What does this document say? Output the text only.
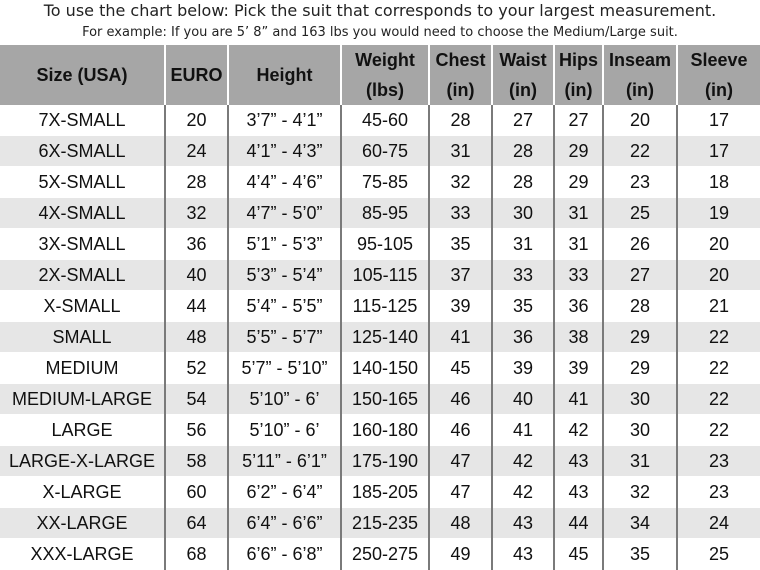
To use the chart below: Pick the suit that corresponds to your largest measurement.
For example: If you are 5’ 8” and 163 lbs you would need to choose the Medium/Large suit.
Size (USA)	EURO	Height	Weight	Chest	Waist	Hips	Inseam	Sleeve
			(lbs)	(in)	(in)	(in)	(in)	(in)
7X-SMALL	20	3’7” - 4’1”	45-60	28	27	27	20	17
6X-SMALL	24	4’1” - 4’3”	60-75	31	28	29	22	17
5X-SMALL	28	4’4” - 4’6”	75-85	32	28	29	23	18
4X-SMALL	32	4’7” - 5’0”	85-95	33	30	31	25	19
3X-SMALL	36	5’1” - 5’3”	95-105	35	31	31	26	20
2X-SMALL	40	5’3” - 5’4”	105-115	37	33	33	27	20
X-SMALL	44	5’4” - 5’5”	115-125	39	35	36	28	21
SMALL	48	5’5” - 5’7”	125-140	41	36	38	29	22
MEDIUM	52	5’7” - 5’10”	140-150	45	39	39	29	22
MEDIUM-LARGE	54	5’10” - 6’	150-165	46	40	41	30	22
LARGE	56	5’10” - 6’	160-180	46	41	42	30	22
LARGE-X-LARGE	58	5’11” - 6’1”	175-190	47	42	43	31	23
X-LARGE	60	6’2” - 6’4”	185-205	47	42	43	32	23
XX-LARGE	64	6’4” - 6’6”	215-235	48	43	44	34	24
XXX-LARGE	68	6’6” - 6’8”	250-275	49	43	45	35	25
